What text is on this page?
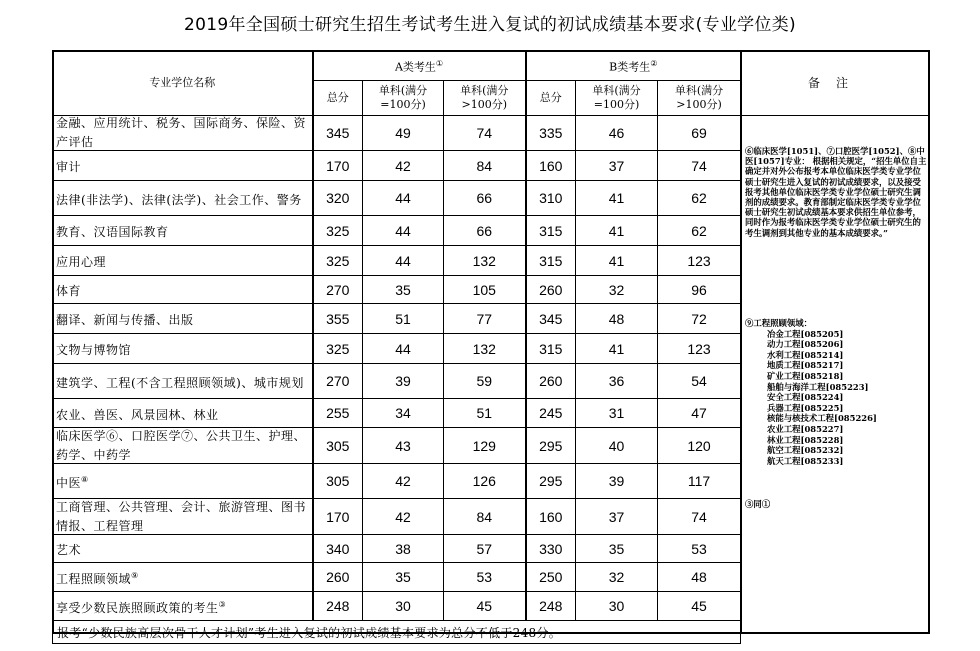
2019年全国硕士研究生招生考试考生进入复试的初试成绩基本要求(专业学位类)
专业学位名称	A类考生①			B类考生②
	总分	单科(满分=100分)	单科(满分>100分)	总分	单科(满分=100分)	单科(满分>100分)
金融、应用统计、税务、国际商务、保险、资产评估	345	49	74	335	46	69
审计	170	42	84	160	37	74
法律(非法学)、法律(法学)、社会工作、警务	320	44	66	310	41	62
教育、汉语国际教育	325	44	66	315	41	62
应用心理	325	44	132	315	41	123
体育	270	35	105	260	32	96
翻译、新闻与传播、出版	355	51	77	345	48	72
文物与博物馆	325	44	132	315	41	123
建筑学、工程(不含工程照顾领域)、城市规划	270	39	59	260	36	54
农业、兽医、风景园林、林业	255	34	51	245	31	47
临床医学⑥、口腔医学⑦、公共卫生、护理、药学、中药学	305	43	129	295	40	120
中医⑧	305	42	126	295	39	117
工商管理、公共管理、会计、旅游管理、图书情报、工程管理	170	42	84	160	37	74
艺术	340	38	57	330	35	53
工程照顾领域⑨	260	35	53	250	32	48
享受少数民族照顾政策的考生③	248	30	45	248	30	45
报考“少数民族高层次骨干人才计划”考生进入复试的初试成绩基本要求为总分不低于248分。						
备注
⑥临床医学[1051]、⑦口腔医学[1052]、⑧中医[1057]专业： 根据相关规定，“招生单位自主确定并对外公布报考本单位临床医学类专业学位硕士研究生进入复试的初试成绩要求，以及接受报考其他单位临床医学类专业学位硕士研究生调剂的成绩要求。教育部制定临床医学类专业学位硕士研究生初试成绩基本要求供招生单位参考，同时作为报考临床医学类专业学位硕士研究生的考生调剂到其他专业的基本成绩要求。”
⑨工程照顾领域：
冶金工程[085205]
动力工程[085206]
水利工程[085214]
地质工程[085217]
矿业工程[085218]
船舶与海洋工程[085223]
安全工程[085224]
兵器工程[085225]
核能与核技术工程[085226]
农业工程[085227]
林业工程[085228]
航空工程[085232]
航天工程[085233]
③同①
